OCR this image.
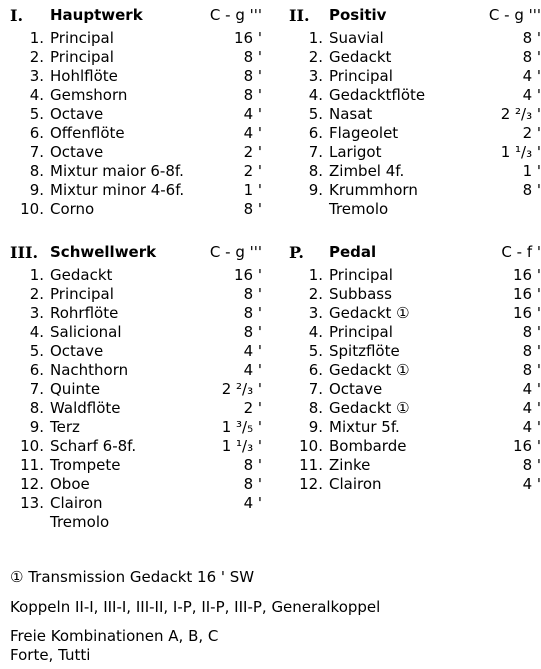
I. Hauptwerk	C - g '''
1. Principal	16 '
2. Principal	8 '
3. Hohlflöte	8 '
4. Gemshorn	8 '
5. Octave	4 '
6. Offenflöte	4 '
7. Octave	2 '
8. Mixtur maior 6-8f.	2 '
9. Mixtur minor 4-6f.	1 '
10. Corno	8 '
II. Positiv	C - g '''
1. Suavial	8 '
2. Gedackt	8 '
3. Principal	4 '
4. Gedacktflöte	4 '
5. Nasat	2 ²/₃ '
6. Flageolet	2 '
7. Larigot	1 ¹/₃ '
8. Zimbel 4f.	1 '
9. Krummhorn	8 '
Tremolo
III. Schwellwerk	C - g '''
1. Gedackt	16 '
2. Principal	8 '
3. Rohrflöte	8 '
4. Salicional	8 '
5. Octave	4 '
6. Nachthorn	4 '
7. Quinte	2 ²/₃ '
8. Waldflöte	2 '
9. Terz	1 ³/₅ '
10. Scharf 6-8f.	1 ¹/₃ '
11. Trompete	8 '
12. Oboe	8 '
13. Clairon	4 '
Tremolo
P. Pedal	C - f '
1. Principal	16 '
2. Subbass	16 '
3. Gedackt ①	16 '
4. Principal	8 '
5. Spitzflöte	8 '
6. Gedackt ①	8 '
7. Octave	4 '
8. Gedackt ①	4 '
9. Mixtur 5f.	4 '
10. Bombarde	16 '
11. Zinke	8 '
12. Clairon	4 '
① Transmission Gedackt 16 ' SW
Koppeln II-I, III-I, III-II, I-P, II-P, III-P, Generalkoppel
Freie Kombinationen A, B, C
Forte, Tutti
